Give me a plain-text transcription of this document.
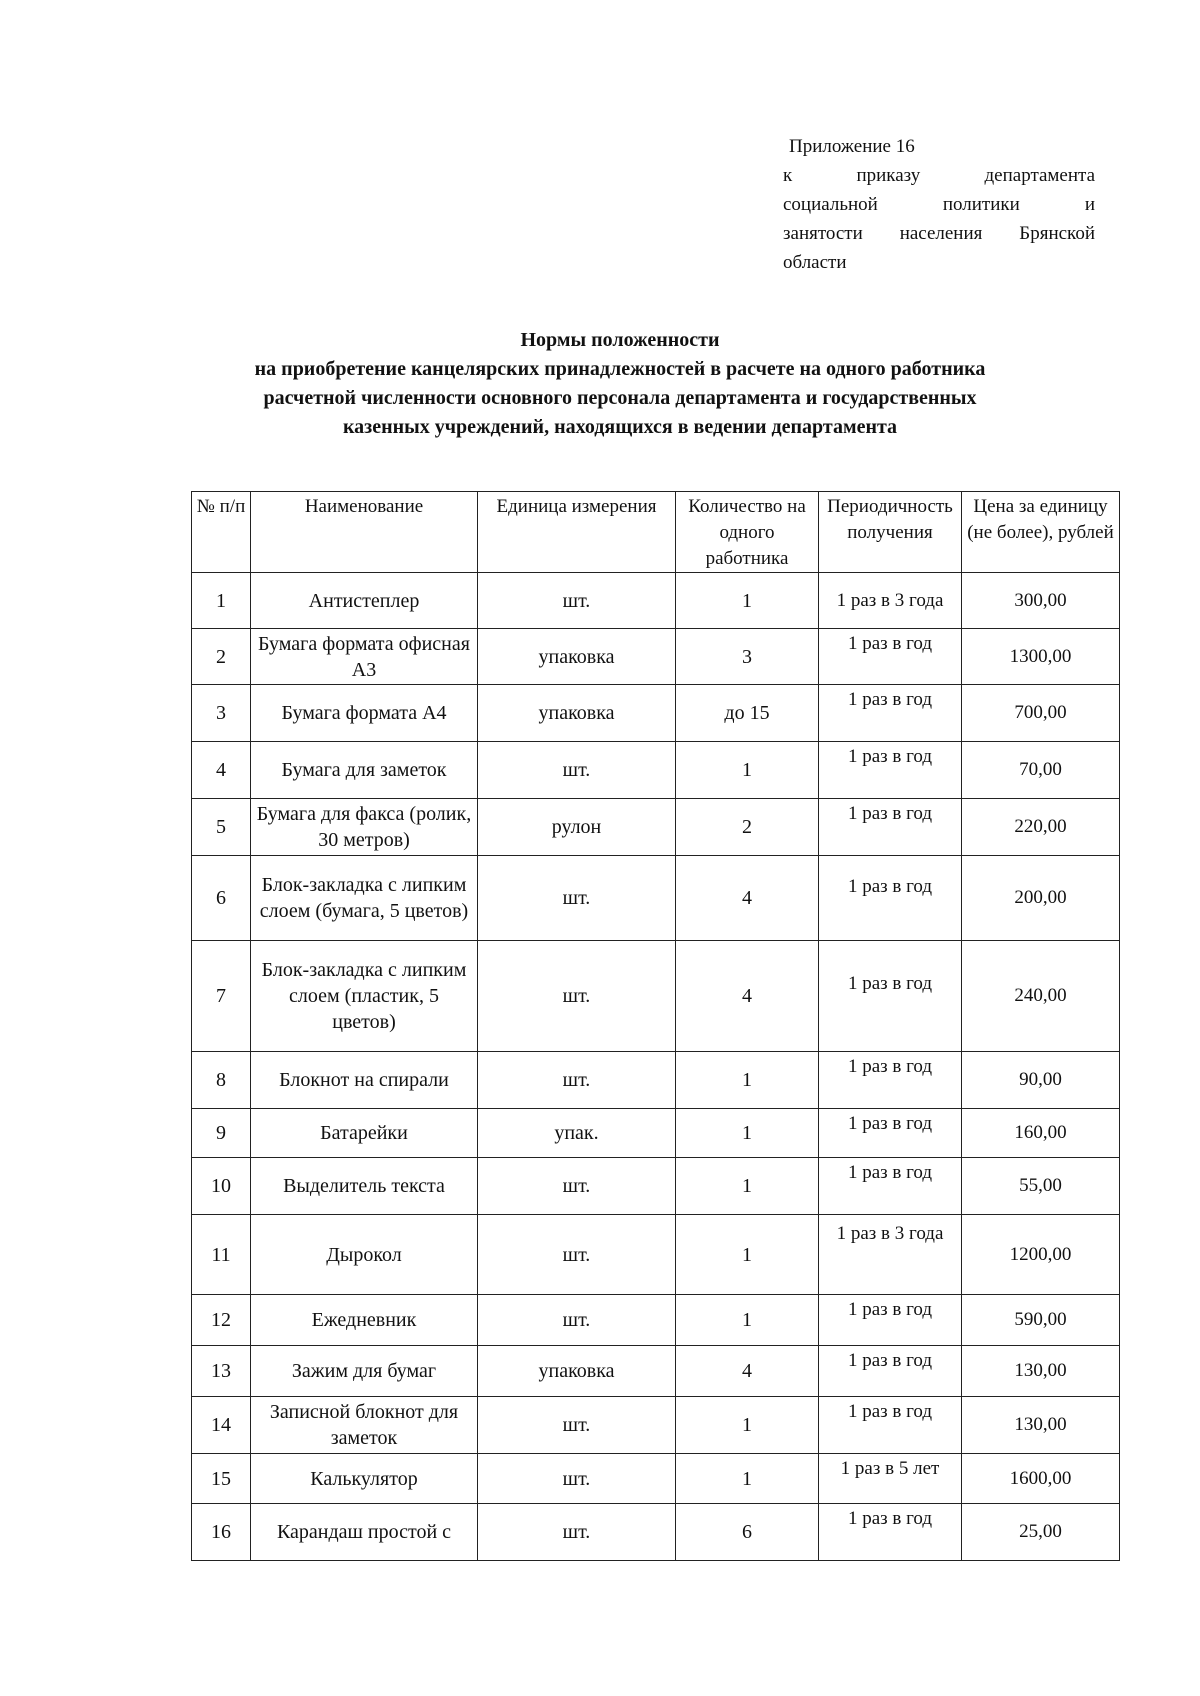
Приложение 16
к приказу департамента
социальной политики и
занятости населения Брянской
области
Нормы положенности
на приобретение канцелярских принадлежностей в расчете на одного работника
расчетной численности основного персонала департамента и государственных
казенных учреждений, находящихся в ведении департамента
№ п/п	Наименование	Единица измерения	Количество на одного работника	Периодичность получения	Цена за единицу (не более), рублей
1	Антистеплер	шт.	1	1 раз в 3 года	300,00
2	Бумага формата офисная А3	упаковка	3	1 раз в год	1300,00
3	Бумага формата А4	упаковка	до 15	1 раз в год	700,00
4	Бумага для заметок	шт.	1	1 раз в год	70,00
5	Бумага для факса (ролик, 30 метров)	рулон	2	1 раз в год	220,00
6	Блок-закладка с липким слоем (бумага, 5 цветов)	шт.	4	1 раз в год	200,00
7	Блок-закладка с липким слоем (пластик, 5 цветов)	шт.	4	1 раз в год	240,00
8	Блокнот на спирали	шт.	1	1 раз в год	90,00
9	Батарейки	упак.	1	1 раз в год	160,00
10	Выделитель текста	шт.	1	1 раз в год	55,00
11	Дырокол	шт.	1	1 раз в 3 года	1200,00
12	Ежедневник	шт.	1	1 раз в год	590,00
13	Зажим для бумаг	упаковка	4	1 раз в год	130,00
14	Записной блокнот для заметок	шт.	1	1 раз в год	130,00
15	Калькулятор	шт.	1	1 раз в 5 лет	1600,00
16	Карандаш простой с	шт.	6	1 раз в год	25,00
